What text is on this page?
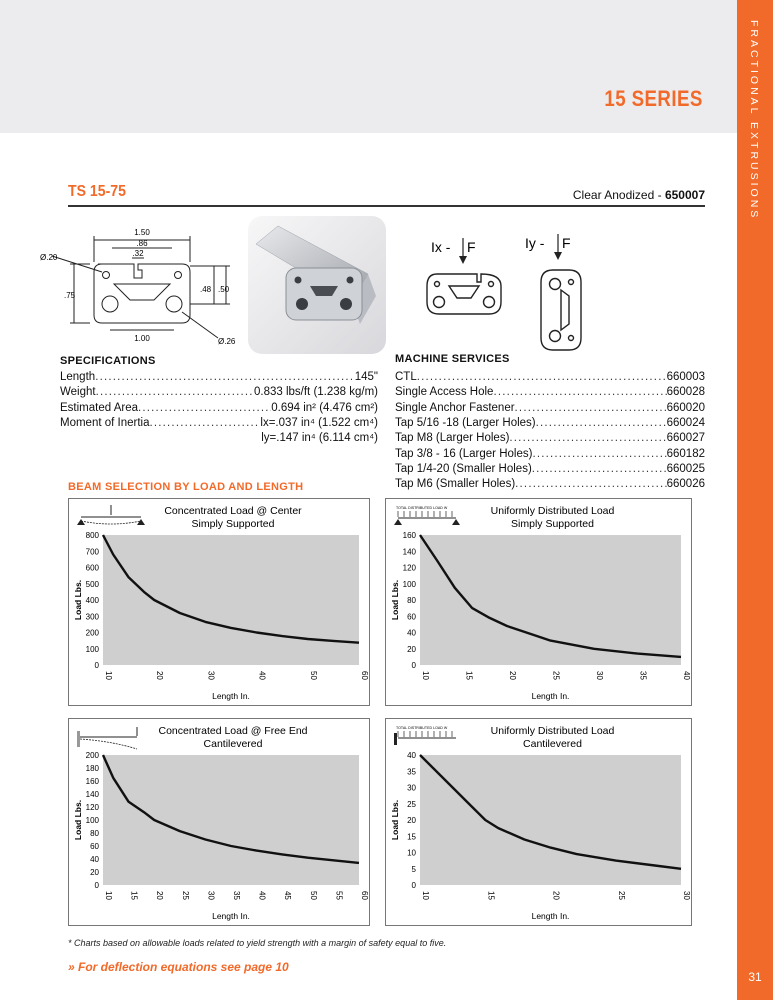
FRACTIONAL EXTRUSIONS
31
15 SERIES
TS 15-75	Clear Anodized - 650007
1.50
.86
.32
Ø.20
.75
.48 .50
1.00	Ø.26
Ix - F	Iy - F
SPECIFICATIONS
Length . . .	145"
Weight . . .	0.833 lbs/ft (1.238 kg/m)
Estimated Area . . .	0.694 in² (4.476 cm²)
Moment of Inertia . . .	lx=.037 in⁴ (1.522 cm⁴)
ly=.147 in⁴ (6.114 cm⁴)
MACHINE SERVICES
CTL . . .	660003
Single Access Hole . . .	660028
Single Anchor Fastener . . .	660020
Tap 5/16 -18 (Larger Holes) . . .	660024
Tap M8 (Larger Holes) . . .	660027
Tap 3/8 - 16 (Larger Holes) . . .	660182
Tap 1/4-20 (Smaller Holes) . . .	660025
Tap M6 (Smaller Holes) . . .	660026
BEAM SELECTION BY LOAD AND LENGTH
Concentrated Load @ Center
Simply Supported
0
100
200
300
400
500
600
700
800
10	20	30	40	50	60
Length In.
Load Lbs.
TOTAL DISTRIBUTED LOAD W	Uniformly Distributed Load
Simply Supported
0
20
40
60
80
100
120
140
160
10	15	20	25	30	35	40
Length In.
Load Lbs.
Concentrated Load @ Free End
Cantilevered
0
20
40
60
80
100
120
140
160
180
200
10 15 20 25 30 35 40 45 50 55 60
Length In.
Load Lbs.
TOTAL DISTRIBUTED LOAD W	Uniformly Distributed Load
Cantilevered
0
5
10
15
20
25
30
35
40
10	15	20	25	30
Length In.
Load Lbs.
* Charts based on allowable loads related to yield strength with a margin of safety equal to five.
» For deflection equations see page 10
